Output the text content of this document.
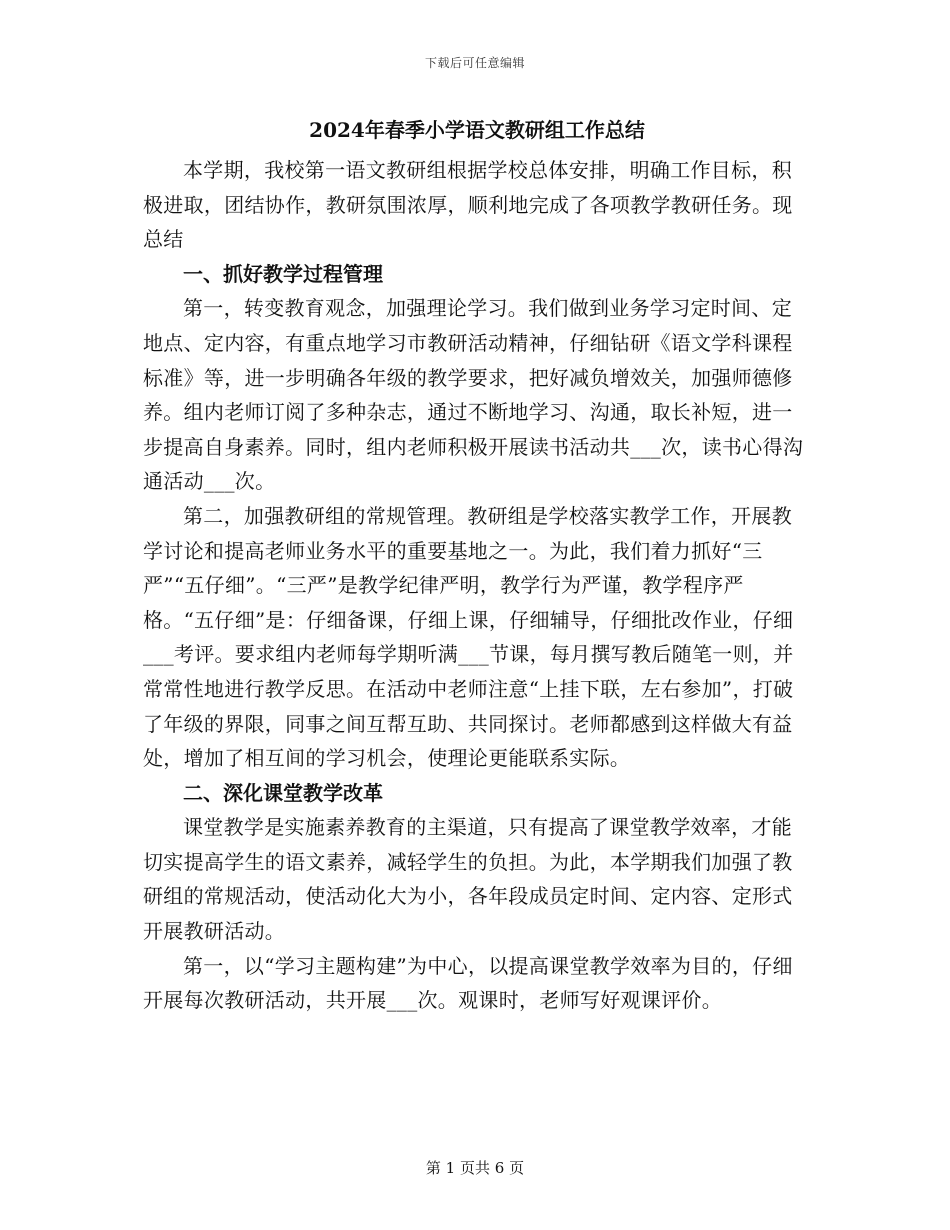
下载后可任意编辑
2024年春季小学语文教研组工作总结

本学期，我校第一语文教研组根据学校总体安排，明确工作目标，积极进取，团结协作，教研氛围浓厚，顺利地完成了各项教学教研任务。现总结

一、抓好教学过程管理

第一，转变教育观念，加强理论学习。我们做到业务学习定时间、定地点、定内容，有重点地学习市教研活动精神，仔细钻研《语文学科课程标准》等，进一步明确各年级的教学要求，把好减负增效关，加强师德修养。组内老师订阅了多种杂志，通过不断地学习、沟通，取长补短，进一步提高自身素养。同时，组内老师积极开展读书活动共___次，读书心得沟通活动___次。

第二，加强教研组的常规管理。教研组是学校落实教学工作，开展教学讨论和提高老师业务水平的重要基地之一。为此，我们着力抓好“三严”“五仔细”。“三严”是教学纪律严明，教学行为严谨，教学程序严格。“五仔细”是：仔细备课，仔细上课，仔细辅导，仔细批改作业，仔细___考评。要求组内老师每学期听满___节课，每月撰写教后随笔一则，并常常性地进行教学反思。在活动中老师注意“上挂下联，左右参加”，打破了年级的界限，同事之间互帮互助、共同探讨。老师都感到这样做大有益处，增加了相互间的学习机会，使理论更能联系实际。

二、深化课堂教学改革

课堂教学是实施素养教育的主渠道，只有提高了课堂教学效率，才能切实提高学生的语文素养，减轻学生的负担。为此，本学期我们加强了教研组的常规活动，使活动化大为小，各年段成员定时间、定内容、定形式开展教研活动。

第一，以“学习主题构建”为中心，以提高课堂教学效率为目的，仔细开展每次教研活动，共开展___次。观课时，老师写好观课评价。

第 1 页共 6 页
